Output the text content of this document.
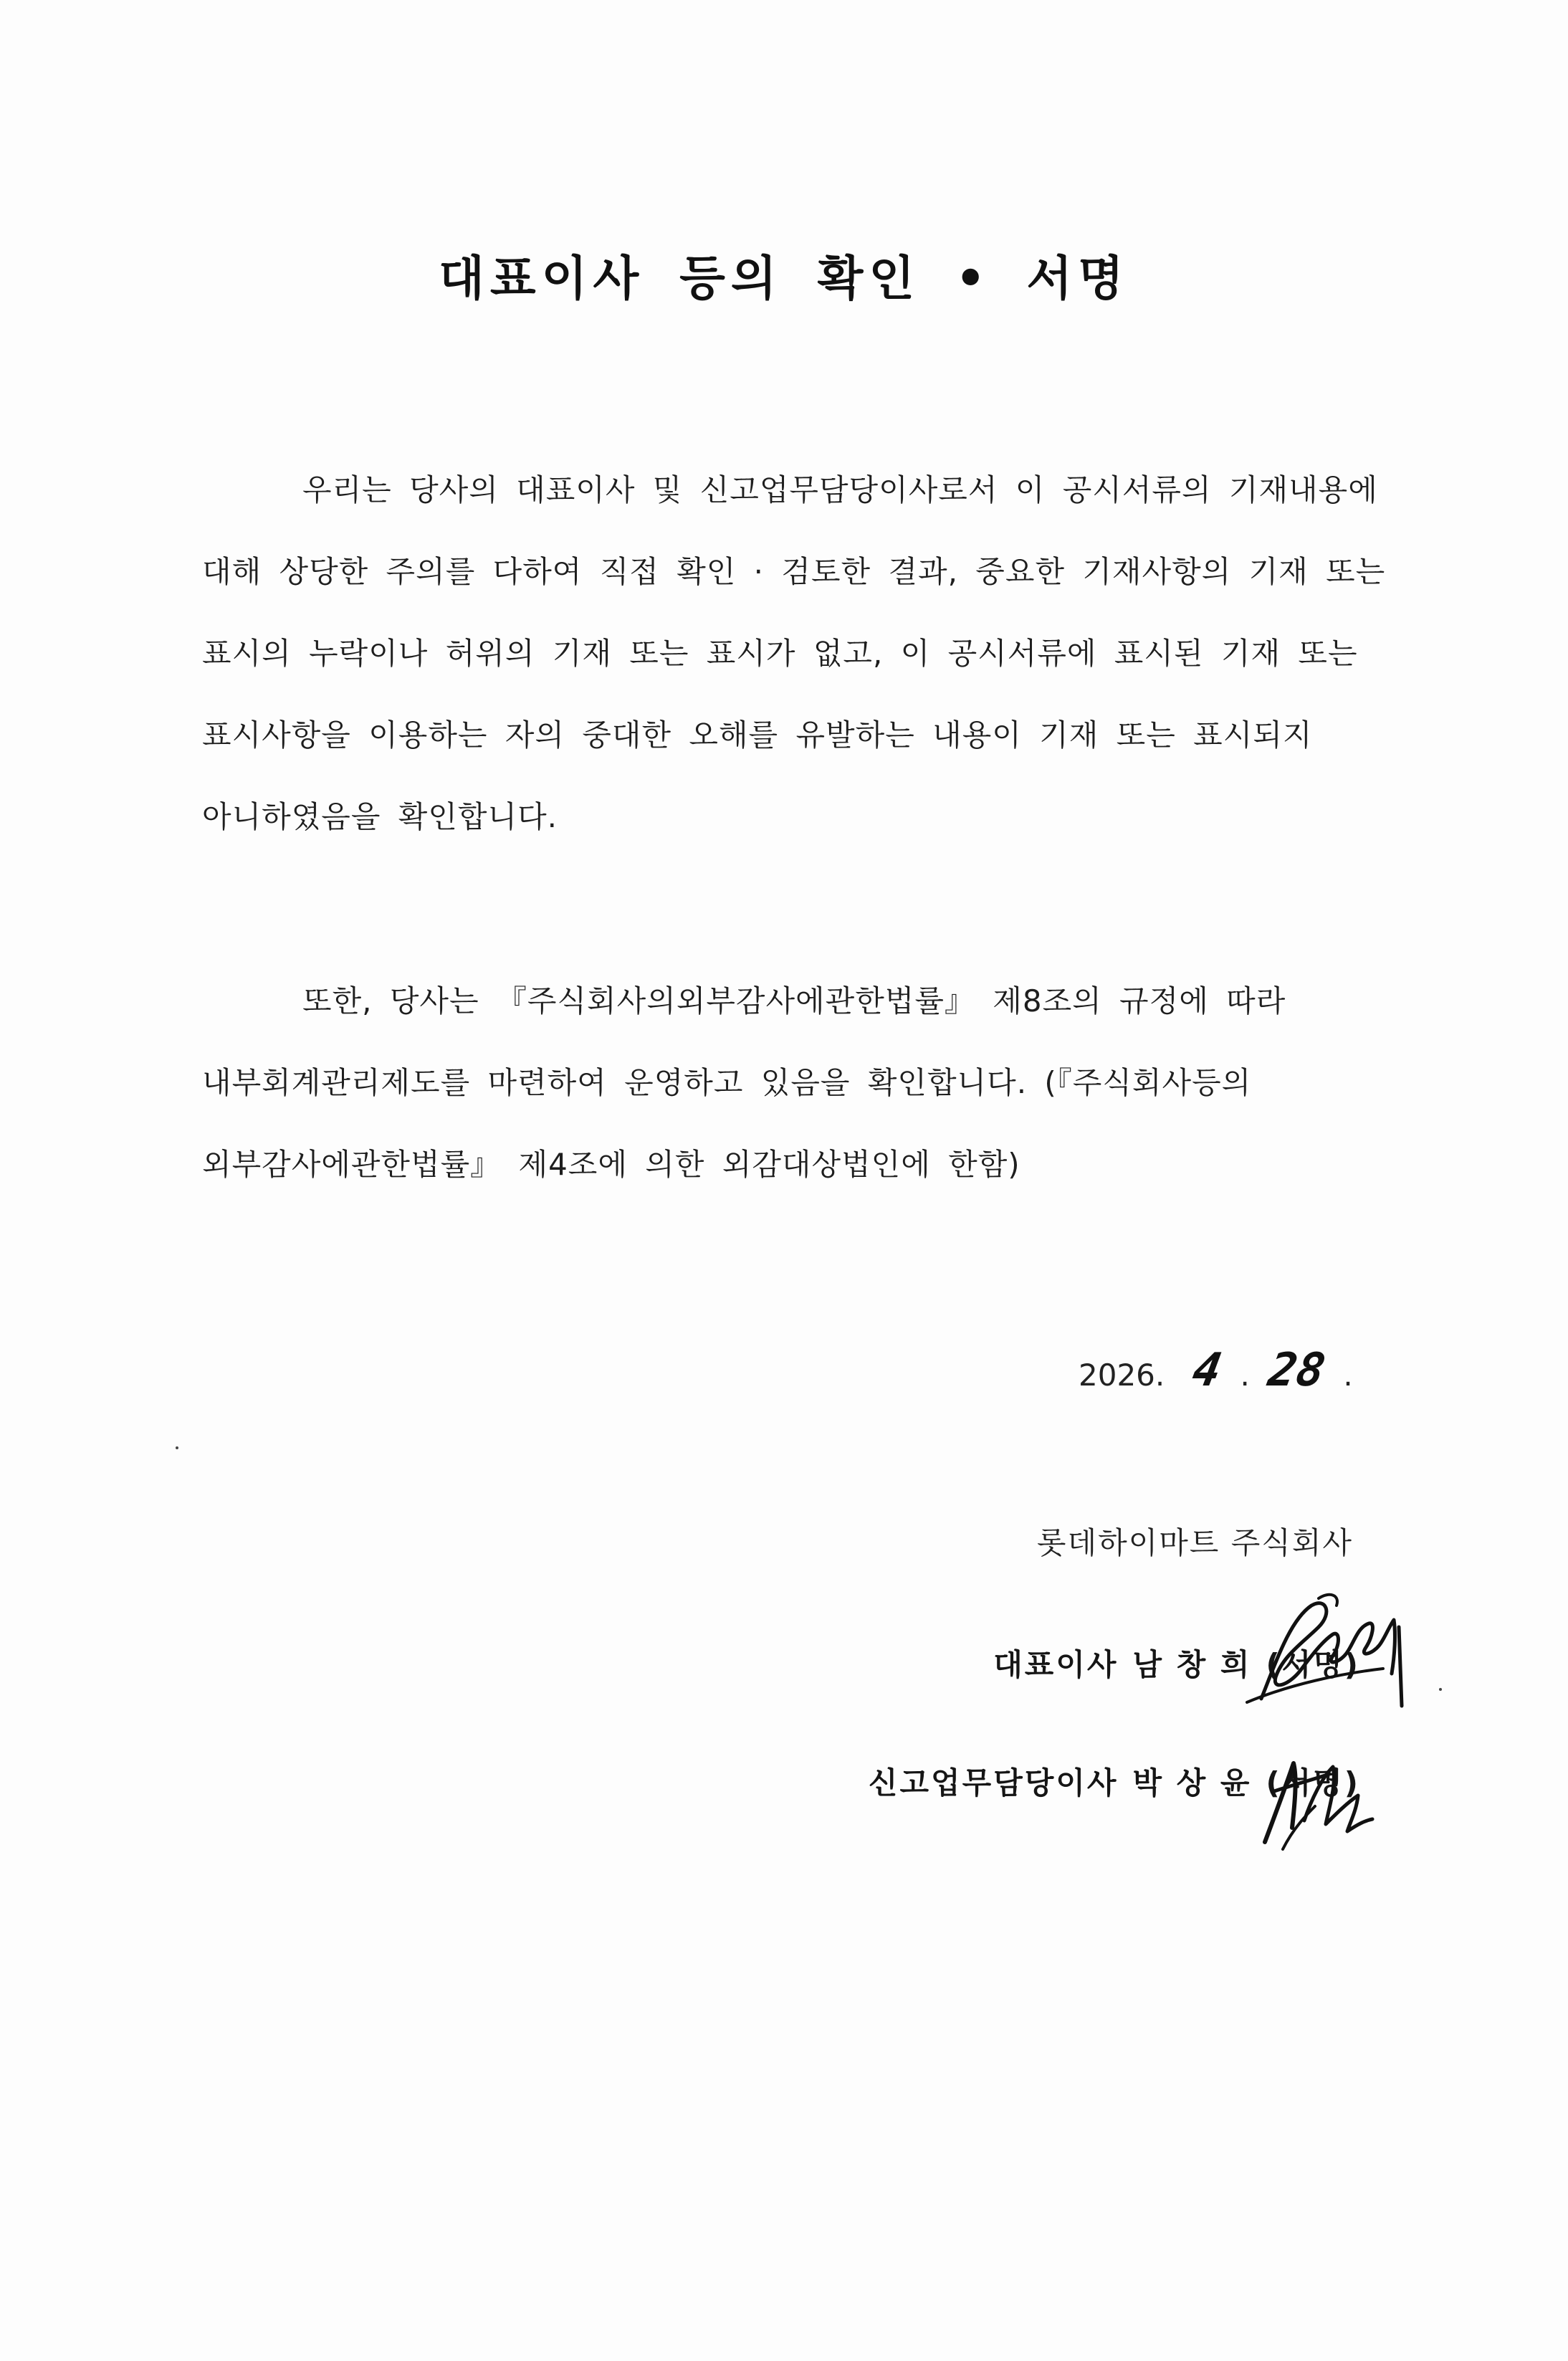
대표이사 등의 확인 • 서명
우리는 당사의 대표이사 및 신고업무담당이사로서 이 공시서류의 기재내용에
대해 상당한 주의를 다하여 직접 확인 · 검토한 결과, 중요한 기재사항의 기재 또는
표시의 누락이나 허위의 기재 또는 표시가 없고, 이 공시서류에 표시된 기재 또는
표시사항을 이용하는 자의 중대한 오해를 유발하는 내용이 기재 또는 표시되지
아니하였음을 확인합니다.
또한, 당사는 『주식회사의외부감사에관한법률』 제8조의 규정에 따라
내부회계관리제도를 마련하여 운영하고 있음을 확인합니다. (『주식회사등의
외부감사에관한법률』 제4조에 의한 외감대상법인에 한함)
2026. 4 . 28 .
롯데하이마트 주식회사
대표이사 남 창 희 (서명)
신고업무담당이사 박 상 윤 (서명)
